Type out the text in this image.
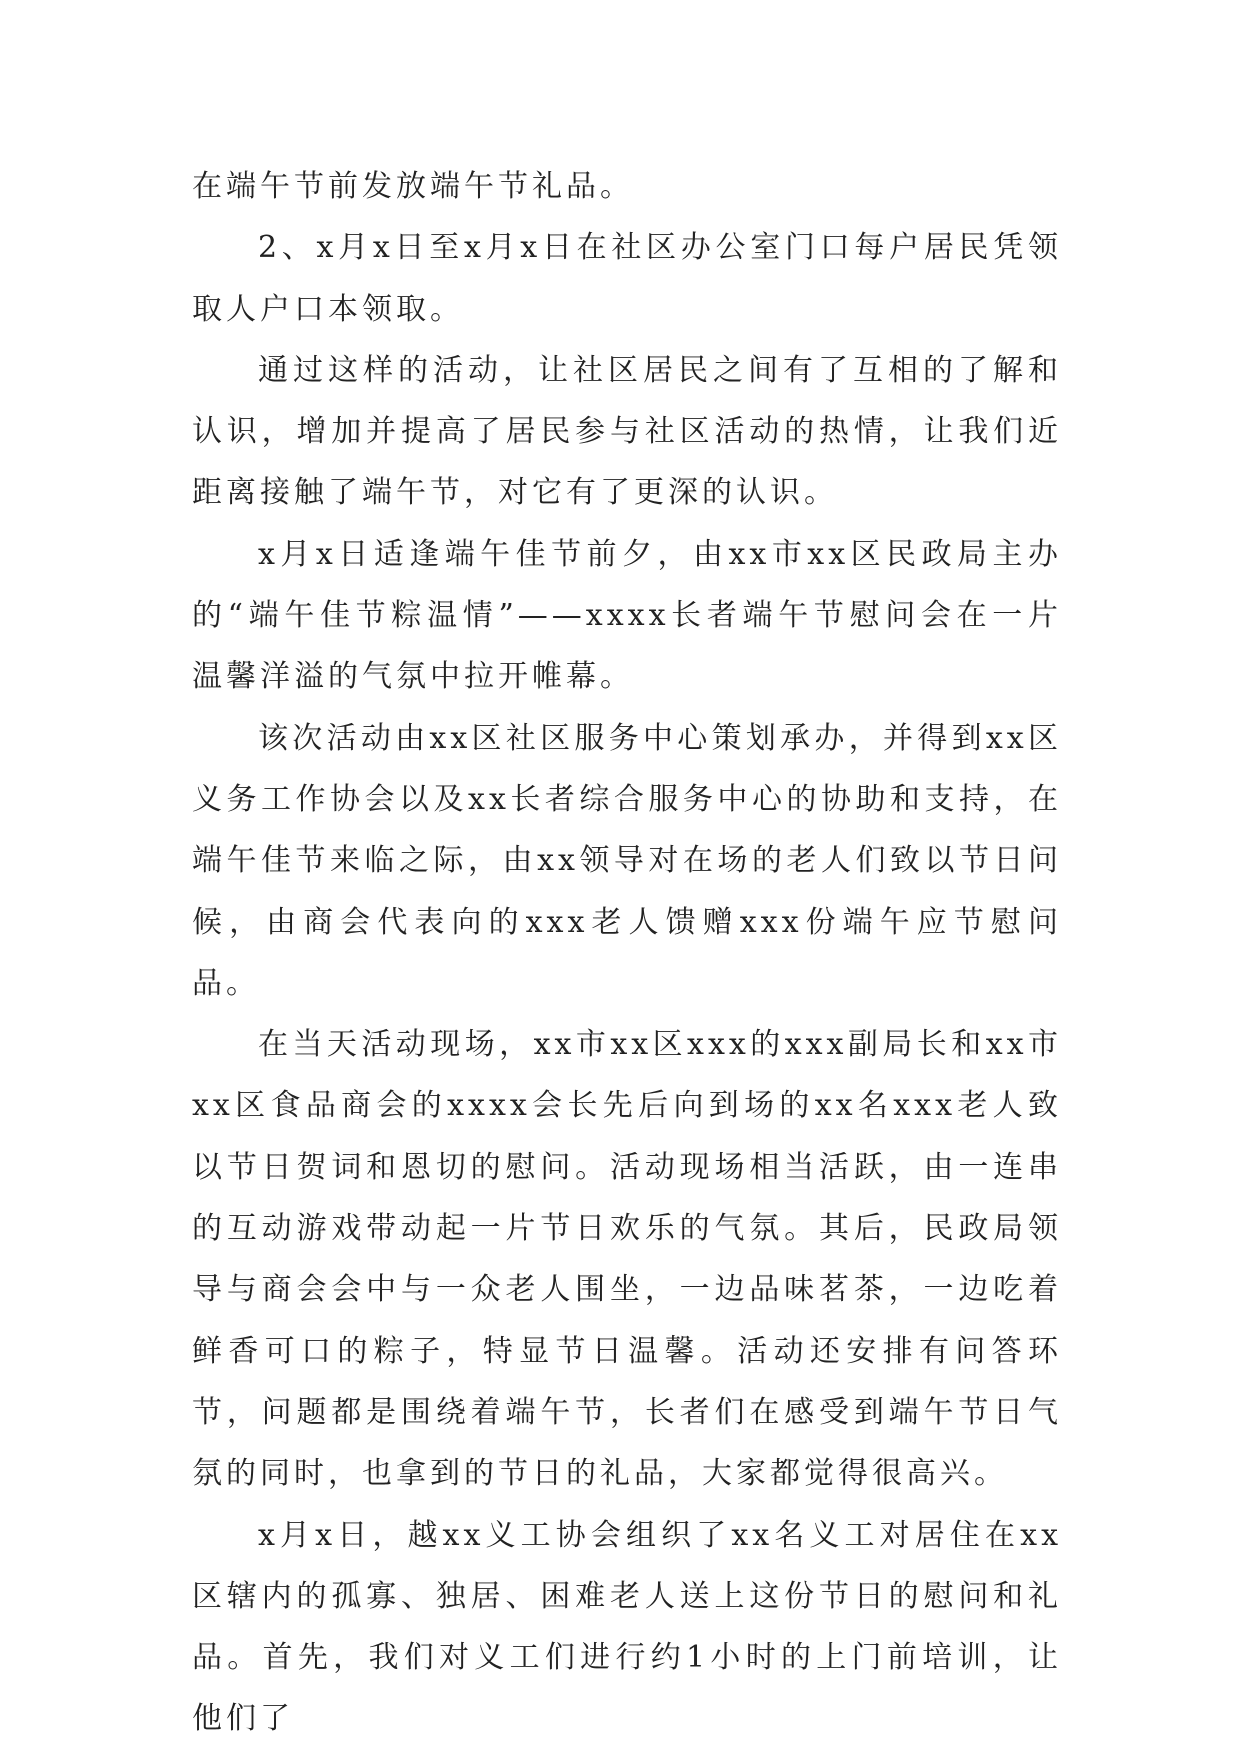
在端午节前发放端午节礼品。

2、x月x日至x月x日在社区办公室门口每户居民凭领取人户口本领取。

通过这样的活动，让社区居民之间有了互相的了解和认识，增加并提高了居民参与社区活动的热情，让我们近距离接触了端午节，对它有了更深的认识。

x月x日适逢端午佳节前夕，由xx市xx区民政局主办的“端午佳节粽温情”——xxxx长者端午节慰问会在一片温馨洋溢的气氛中拉开帷幕。

该次活动由xx区社区服务中心策划承办，并得到xx区义务工作协会以及xx长者综合服务中心的协助和支持，在端午佳节来临之际，由xx领导对在场的老人们致以节日问候，由商会代表向的xxx老人馈赠xxx份端午应节慰问品。

在当天活动现场，xx市xx区xxx的xxx副局长和xx市xx区食品商会的xxxx会长先后向到场的xx名xxx老人致以节日贺词和恩切的慰问。活动现场相当活跃，由一连串的互动游戏带动起一片节日欢乐的气氛。其后，民政局领导与商会会中与一众老人围坐，一边品味茗茶，一边吃着鲜香可口的粽子，特显节日温馨。活动还安排有问答环节，问题都是围绕着端午节，长者们在感受到端午节日气氛的同时，也拿到的节日的礼品，大家都觉得很高兴。

x月x日，越xx义工协会组织了xx名义工对居住在xx区辖内的孤寡、独居、困难老人送上这份节日的慰问和礼品。首先，我们对义工们进行约1小时的上门前培训，让他们了
